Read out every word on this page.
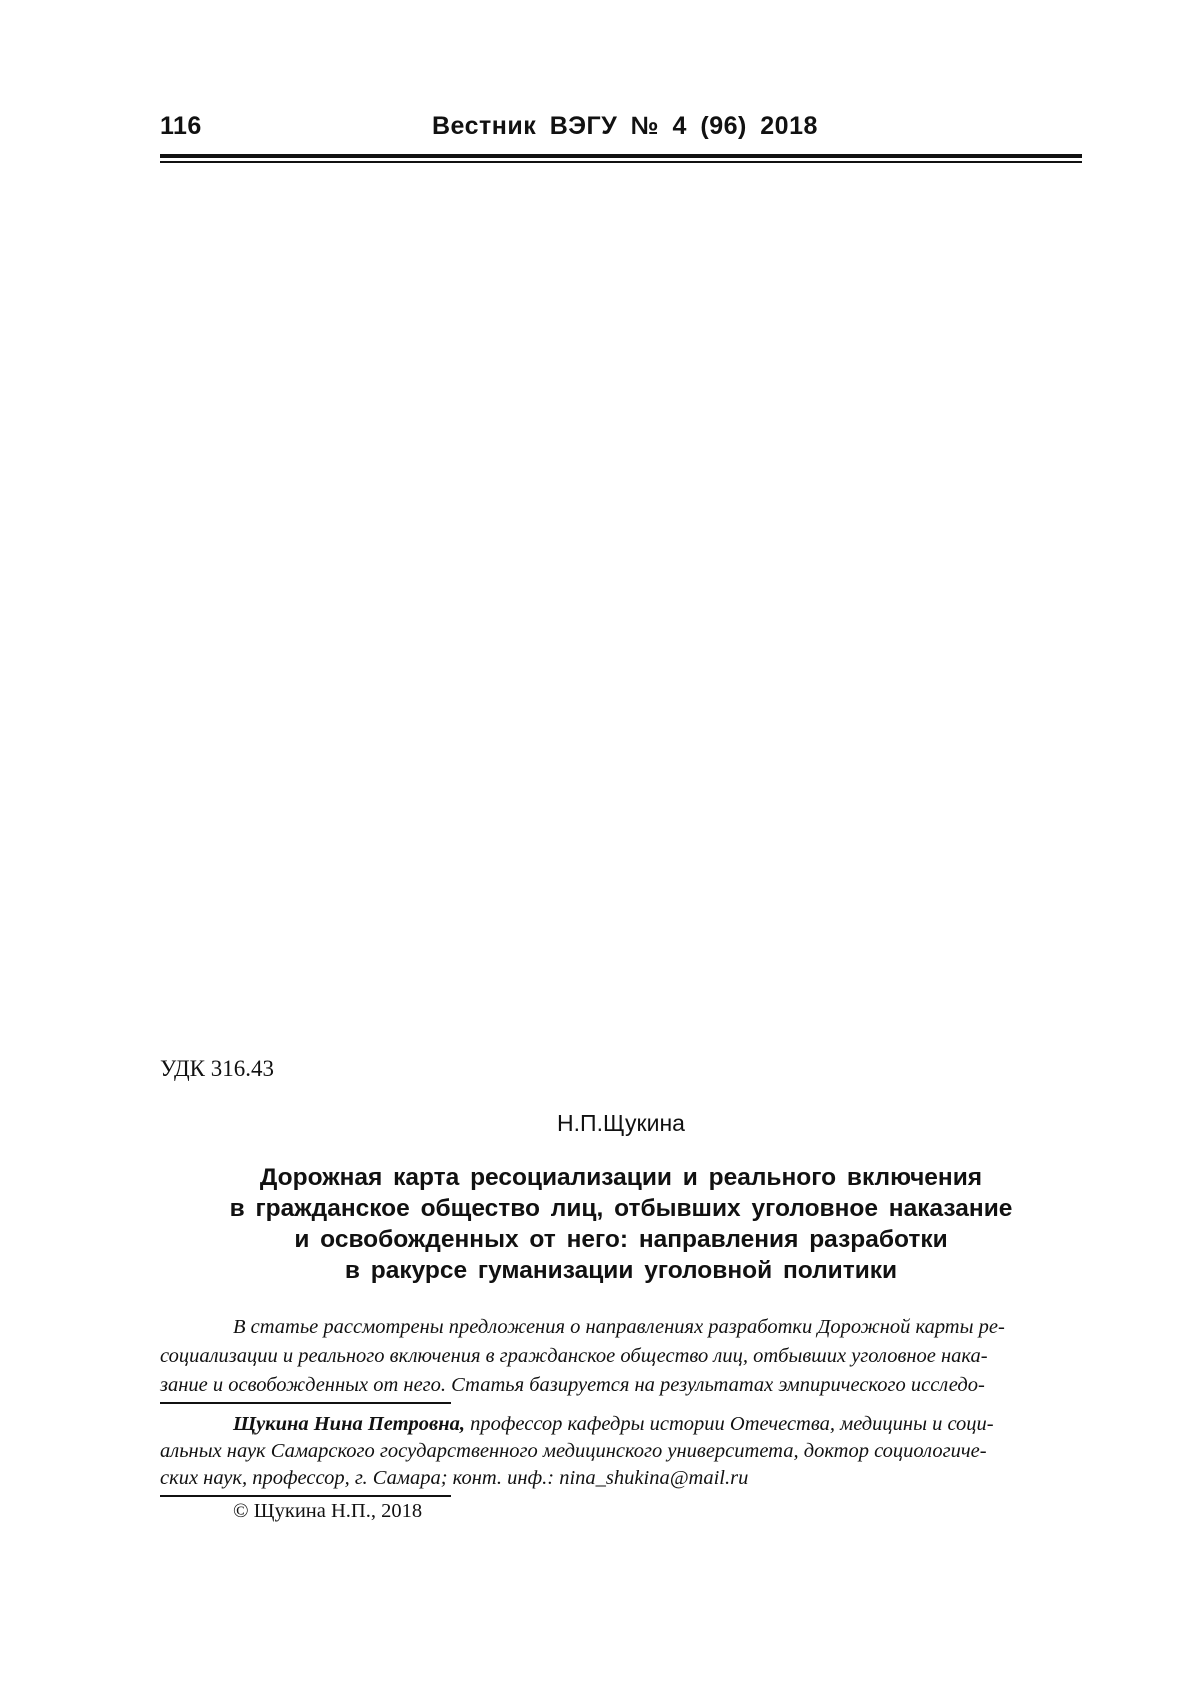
116	Вестник ВЭГУ № 4 (96) 2018
УДК 316.43
Н.П.Щукина
Дорожная карта ресоциализации и реального включения
в гражданское общество лиц, отбывших уголовное наказание
и освобожденных от него: направления разработки
в ракурсе гуманизации уголовной политики
В статье рассмотрены предложения о направлениях разработки Дорожной карты ре-
социализации и реального включения в гражданское общество лиц, отбывших уголовное нака-
зание и освобожденных от него. Статья базируется на результатах эмпирического исследо-
Щукина Нина Петровна, профессор кафедры истории Отечества, медицины и соци-
альных наук Самарского государственного медицинского университета, доктор социологиче-
ских наук, профессор, г. Самара; конт. инф.: nina_shukina@mail.ru
© Щукина Н.П., 2018
